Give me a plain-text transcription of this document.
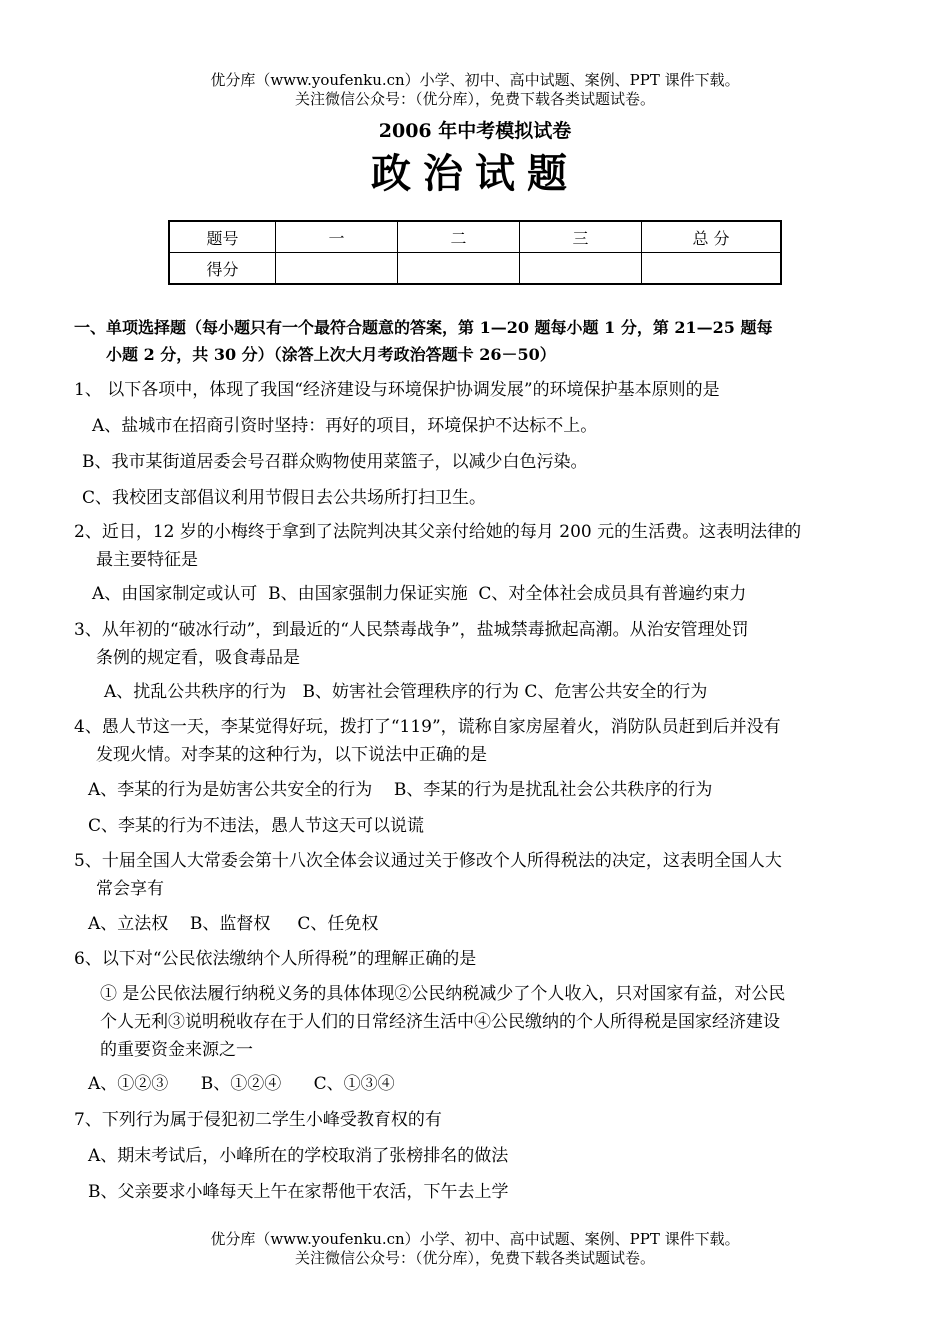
优分库（www.youfenku.cn）小学、初中、高中试题、案例、PPT 课件下载。
关注微信公众号：（优分库），免费下载各类试题试卷。
2006 年中考模拟试卷
政治试题
题号	一	二	三	总 分
得分				
一、单项选择题（每小题只有一个最符合题意的答案，第 1—20 题每小题 1 分，第 21—25 题每
小题 2 分，共 30 分）（涂答上次大月考政治答题卡 26－50）
1、 以下各项中，体现了我国“经济建设与环境保护协调发展”的环境保护基本原则的是
A、盐城市在招商引资时坚持：再好的项目，环境保护不达标不上。
B、我市某街道居委会号召群众购物使用菜篮子，以减少白色污染。
C、我校团支部倡议利用节假日去公共场所打扫卫生。
2、近日，12 岁的小梅终于拿到了法院判决其父亲付给她的每月 200 元的生活费。这表明法律的
最主要特征是
A、由国家制定或认可  B、由国家强制力保证实施  C、对全体社会成员具有普遍约束力
3、从年初的“破冰行动”，到最近的“人民禁毒战争”，盐城禁毒掀起高潮。从治安管理处罚
条例的规定看，吸食毒品是
A、扰乱公共秩序的行为   B、妨害社会管理秩序的行为 C、危害公共安全的行为
4、愚人节这一天，李某觉得好玩，拨打了“119”，谎称自家房屋着火，消防队员赶到后并没有
发现火情。对李某的这种行为，以下说法中正确的是
A、李某的行为是妨害公共安全的行为    B、李某的行为是扰乱社会公共秩序的行为
C、李某的行为不违法，愚人节这天可以说谎
5、十届全国人大常委会第十八次全体会议通过关于修改个人所得税法的决定，这表明全国人大
常会享有
A、立法权    B、监督权     C、任免权
6、以下对“公民依法缴纳个人所得税”的理解正确的是
① 是公民依法履行纳税义务的具体体现②公民纳税减少了个人收入，只对国家有益，对公民
个人无利③说明税收存在于人们的日常经济生活中④公民缴纳的个人所得税是国家经济建设
的重要资金来源之一
A、①②③      B、①②④      C、①③④
7、下列行为属于侵犯初二学生小峰受教育权的有
A、期末考试后，小峰所在的学校取消了张榜排名的做法
B、父亲要求小峰每天上午在家帮他干农活，下午去上学
优分库（www.youfenku.cn）小学、初中、高中试题、案例、PPT 课件下载。
关注微信公众号：（优分库），免费下载各类试题试卷。
